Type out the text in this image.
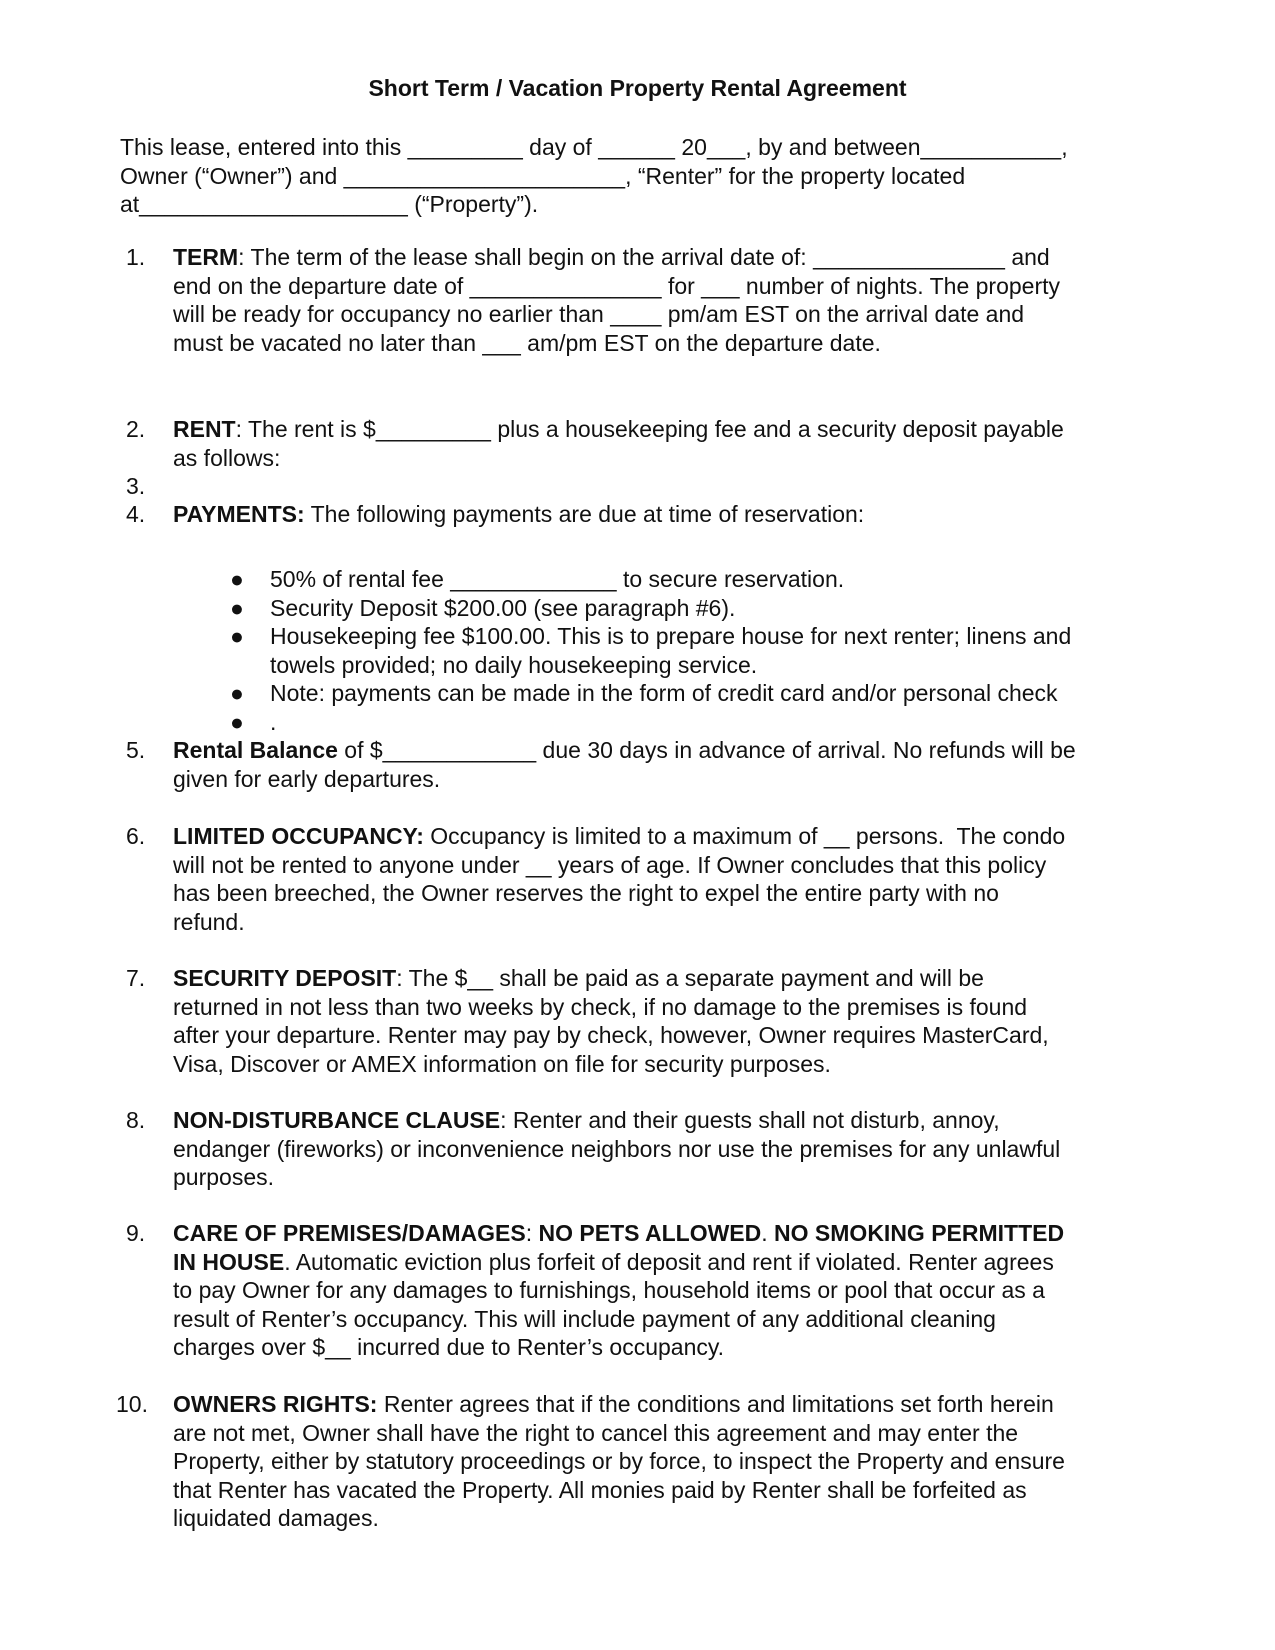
Short Term / Vacation Property Rental Agreement
This lease, entered into this _________ day of ______ 20___, by and between___________,
Owner (“Owner”) and ______________________, “Renter” for the property located
at_____________________ (“Property”).
1.	TERM: The term of the lease shall begin on the arrival date of: _______________ and
end on the departure date of _______________ for ___ number of nights. The property
will be ready for occupancy no earlier than ____ pm/am EST on the arrival date and
must be vacated no later than ___ am/pm EST on the departure date.
2.	RENT: The rent is $_________ plus a housekeeping fee and a security deposit payable
as follows:
3.
4.	PAYMENTS: The following payments are due at time of reservation:
● 50% of rental fee _____________ to secure reservation.
● Security Deposit $200.00 (see paragraph #6).
● Housekeeping fee $100.00. This is to prepare house for next renter; linens and
towels provided; no daily housekeeping service.
● Note: payments can be made in the form of credit card and/or personal check
● .
5.	Rental Balance of $____________ due 30 days in advance of arrival. No refunds will be
given for early departures.
6.	LIMITED OCCUPANCY: Occupancy is limited to a maximum of __ persons.  The condo
will not be rented to anyone under __ years of age. If Owner concludes that this policy
has been breeched, the Owner reserves the right to expel the entire party with no
refund.
7.	SECURITY DEPOSIT: The $__ shall be paid as a separate payment and will be
returned in not less than two weeks by check, if no damage to the premises is found
after your departure. Renter may pay by check, however, Owner requires MasterCard,
Visa, Discover or AMEX information on file for security purposes.
8.	NON-DISTURBANCE CLAUSE: Renter and their guests shall not disturb, annoy,
endanger (fireworks) or inconvenience neighbors nor use the premises for any unlawful
purposes.
9.	CARE OF PREMISES/DAMAGES: NO PETS ALLOWED. NO SMOKING PERMITTED
IN HOUSE. Automatic eviction plus forfeit of deposit and rent if violated. Renter agrees
to pay Owner for any damages to furnishings, household items or pool that occur as a
result of Renter’s occupancy. This will include payment of any additional cleaning
charges over $__ incurred due to Renter’s occupancy.
10.	OWNERS RIGHTS: Renter agrees that if the conditions and limitations set forth herein
are not met, Owner shall have the right to cancel this agreement and may enter the
Property, either by statutory proceedings or by force, to inspect the Property and ensure
that Renter has vacated the Property. All monies paid by Renter shall be forfeited as
liquidated damages.
